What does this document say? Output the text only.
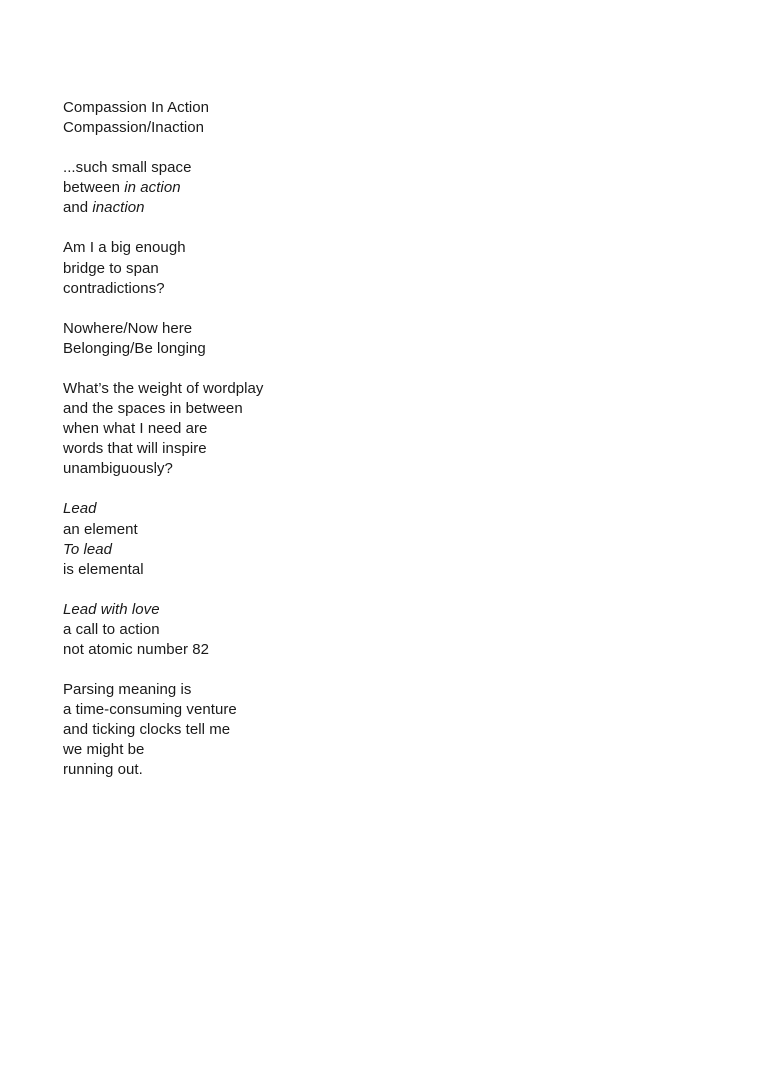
Compassion In Action
Compassion/Inaction
...such small space
between in action
and inaction
Am I a big enough
bridge to span
contradictions?
Nowhere/Now here
Belonging/Be longing
What’s the weight of wordplay
and the spaces in between
when what I need are
words that will inspire
unambiguously?
Lead
an element
To lead
is elemental
Lead with love
a call to action
not atomic number 82
Parsing meaning is
a time-consuming venture
and ticking clocks tell me
we might be
running out.
